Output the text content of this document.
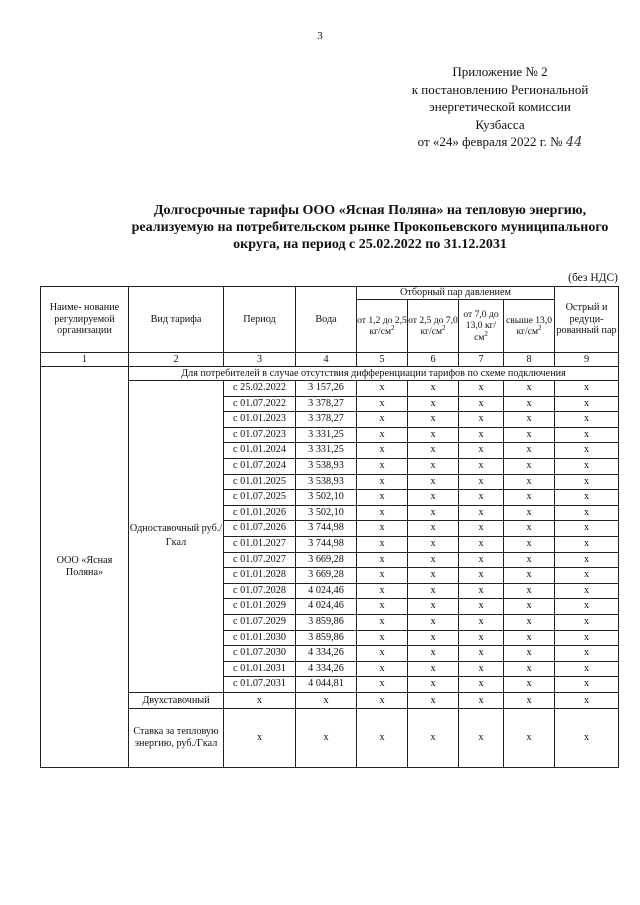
3
Приложение № 2
к постановлению Региональной
энергетической комиссии
Кузбасса
от «24» февраля 2022 г. № 44
Долгосрочные тарифы ООО «Ясная Поляна» на тепловую энергию,
реализуемую на потребительском рынке Прокопьевского муниципального
округа, на период с 25.02.2022 по 31.12.2031
(без НДС)
Наиме- нование регулируемой организации	Вид тарифа	Период	Вода	Отборный пар давлением				Острый и редуци- рованный пар
				от 1,2 до 2,5 $кг/см^2$	от 2,5 до 7,0 $кг/см^2$	от 7,0 до 13,0 $кг/см^2$	свыше 13,0 $кг/см^2$
1	2	3	4	5	6	7	8	9
ООО «Ясная Поляна»	Для потребителей в случае отсутствия дифференциации тарифов по схеме подключения							
	Одноставочный руб./Гкал	с 25.02.2022	3 157,26	х	х	х	х	х
		с 01.07.2022	3 378,27	х	х	х	х	х
		с 01.01.2023	3 378,27	х	х	х	х	х
		с 01.07.2023	3 331,25	х	х	х	х	х
		с 01.01.2024	3 331,25	х	х	х	х	х
		с 01.07.2024	3 538,93	х	х	х	х	х
		с 01.01.2025	3 538,93	х	х	х	х	х
		с 01.07.2025	3 502,10	х	х	х	х	х
		с 01.01.2026	3 502,10	х	х	х	х	х
		с 01.07.2026	3 744,98	х	х	х	х	х
		с 01.01.2027	3 744,98	х	х	х	х	х
		с 01.07.2027	3 669,28	х	х	х	х	х
		с 01.01.2028	3 669,28	х	х	х	х	х
		с 01.07.2028	4 024,46	х	х	х	х	х
		с 01.01.2029	4 024,46	х	х	х	х	х
		с 01.07.2029	3 859,86	х	х	х	х	х
		с 01.01.2030	3 859,86	х	х	х	х	х
		с 01.07.2030	4 334,26	х	х	х	х	х
		с 01.01.2031	4 334,26	х	х	х	х	х
		с 01.07.2031	4 044,81	х	х	х	х	х
	Двухставочный	х	х	х	х	х	х	х
	Ставка за тепловую энергию, руб./Гкал	х	х	х	х	х	х	х
